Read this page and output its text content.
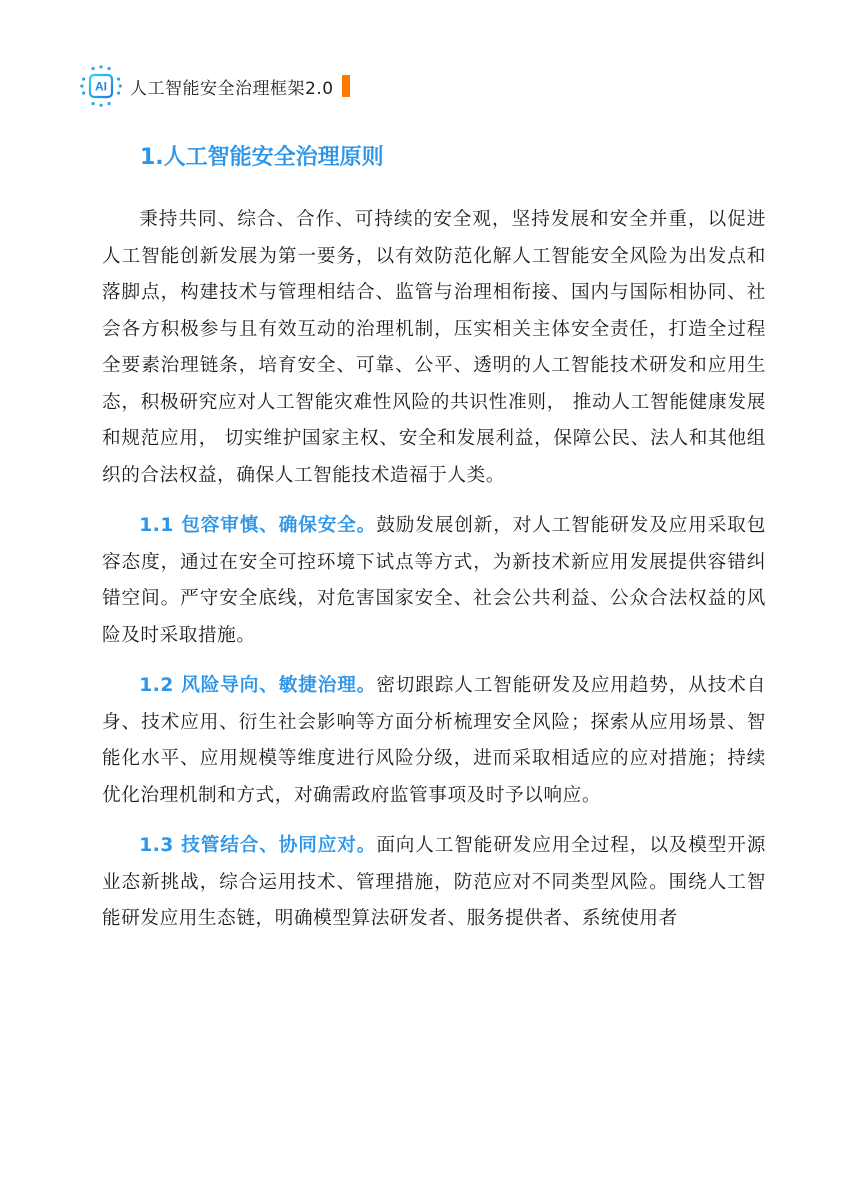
AI 人工智能安全治理框架2.0
1.人工智能安全治理原则

秉持共同、综合、合作、可持续的安全观，坚持发展和安全并重，以促进人工智能创新发展为第一要务，以有效防范化解人工智能安全风险为出发点和落脚点，构建技术与管理相结合、监管与治理相衔接、国内与国际相协同、社会各方积极参与且有效互动的治理机制，压实相关主体安全责任，打造全过程全要素治理链条，培育安全、可靠、公平、透明的人工智能技术研发和应用生态，积极研究应对人工智能灾难性风险的共识性准则， 推动人工智能健康发展和规范应用， 切实维护国家主权、安全和发展利益，保障公民、法人和其他组织的合法权益，确保人工智能技术造福于人类。

1.1 包容审慎、确保安全。鼓励发展创新，对人工智能研发及应用采取包容态度，通过在安全可控环境下试点等方式，为新技术新应用发展提供容错纠错空间。严守安全底线，对危害国家安全、社会公共利益、公众合法权益的风险及时采取措施。

1.2 风险导向、敏捷治理。密切跟踪人工智能研发及应用趋势，从技术自身、技术应用、衍生社会影响等方面分析梳理安全风险；探索从应用场景、智能化水平、应用规模等维度进行风险分级，进而采取相适应的应对措施；持续优化治理机制和方式，对确需政府监管事项及时予以响应。

1.3 技管结合、协同应对。面向人工智能研发应用全过程，以及模型开源业态新挑战，综合运用技术、管理措施，防范应对不同类型风险。围绕人工智能研发应用生态链，明确模型算法研发者、服务提供者、系统使用者
